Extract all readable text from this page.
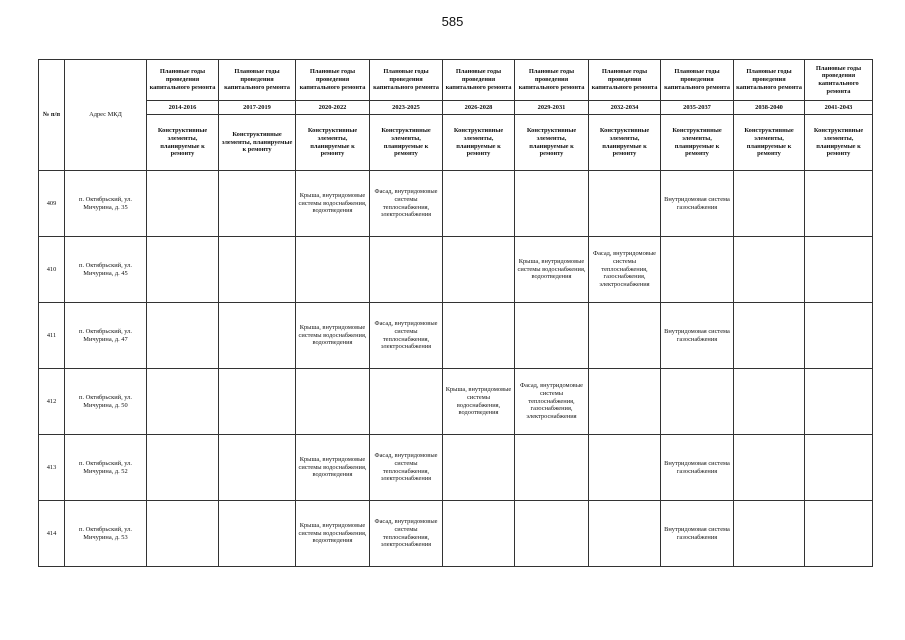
585
№ п/п	Адрес МКД	Плановые годы проведения капитального ремонта	Плановые годы проведения капитального ремонта	Плановые годы проведения капитального ремонта	Плановые годы проведения капитального ремонта	Плановые годы проведения капитального ремонта	Плановые годы проведения капитального ремонта	Плановые годы проведения капитального ремонта	Плановые годы проведения капитального ремонта	Плановые годы проведения капитального ремонта	Плановые годы проведения капитального ремонта
		2014-2016	2017-2019	2020-2022	2023-2025	2026-2028	2029-2031	2032-2034	2035-2037	2038-2040	2041-2043
		Конструктивные элементы, планируемые к ремонту	Конструктивные элементы, планируемые к ремонту	Конструктивные элементы, планируемые к ремонту	Конструктивные элементы, планируемые к ремонту	Конструктивные элементы, планируемые к ремонту	Конструктивные элементы, планируемые к ремонту	Конструктивные элементы, планируемые к ремонту	Конструктивные элементы, планируемые к ремонту	Конструктивные элементы, планируемые к ремонту	Конструктивные элементы, планируемые к ремонту
409	п. Октябрьский, ул. Мичурина, д. 35			Крыша, внутридомовые системы водоснабжения, водоотведения	Фасад, внутридомовые системы теплоснабжения, электроснабжения				Внутридомовая система газоснабжения		
410	п. Октябрьский, ул. Мичурина, д. 45						Крыша, внутридомовые системы водоснабжения, водоотведения	Фасад, внутридомовые системы теплоснабжения, газоснабжения, электроснабжения			
411	п. Октябрьский, ул. Мичурина, д. 47			Крыша, внутридомовые системы водоснабжения, водоотведения	Фасад, внутридомовые системы теплоснабжения, электроснабжения				Внутридомовая система газоснабжения		
412	п. Октябрьский, ул. Мичурина, д. 50					Крыша, внутридомовые системы водоснабжения, водоотведения	Фасад, внутридомовые системы теплоснабжения, газоснабжения, электроснабжения				
413	п. Октябрьский, ул. Мичурина, д. 52			Крыша, внутридомовые системы водоснабжения, водоотведения	Фасад, внутридомовые системы теплоснабжения, электроснабжения				Внутридомовая система газоснабжения		
414	п. Октябрьский, ул. Мичурина, д. 53			Крыша, внутридомовые системы водоснабжения, водоотведения	Фасад, внутридомовые системы теплоснабжения, электроснабжения				Внутридомовая система газоснабжения		
